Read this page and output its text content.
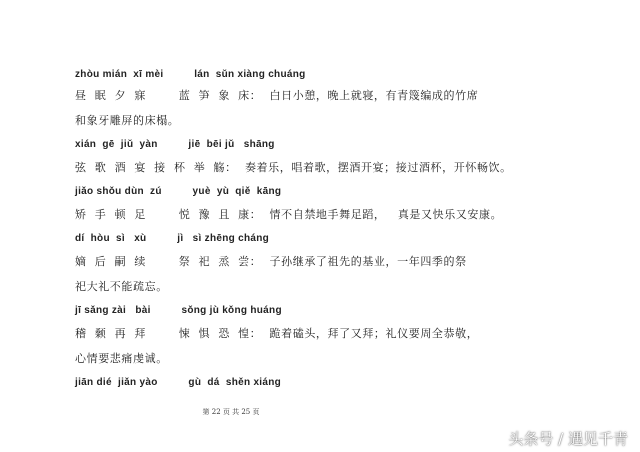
zhòu mián  xī mèi          lán  sǔn xiàng chuáng
昼  眠  夕  寐        蓝  笋  象  床：  白日小憩，晚上就寝，有青篾编成的竹席
和象牙雕屏的床榻。
xián  gē  jiǔ  yàn          jiē  bēi jǔ   shāng
弦  歌  酒  宴  接  杯  举  觞：  奏着乐，唱着歌，摆酒开宴；接过酒杯，开怀畅饮。
jiǎo shǒu dùn  zú          yuè  yù  qiě  kāng
矫  手  顿  足        悦  豫  且  康：  情不自禁地手舞足蹈，   真是又快乐又安康。
dí  hòu  sì   xù          jì   sì zhēng cháng
嫡  后  嗣  续        祭  祀  烝  尝：  子孙继承了祖先的基业，一年四季的祭
祀大礼不能疏忘。
jī sǎng zài   bài          sǒng jù kǒng huáng
稽  颡  再  拜        悚  惧  恐  惶：  跪着磕头，拜了又拜；礼仪要周全恭敬，
心情要悲痛虔诚。
jiān dié  jiǎn yào          gù  dá  shěn xiáng
第 22 页 共 25 页
头条号 / 遇见千青
